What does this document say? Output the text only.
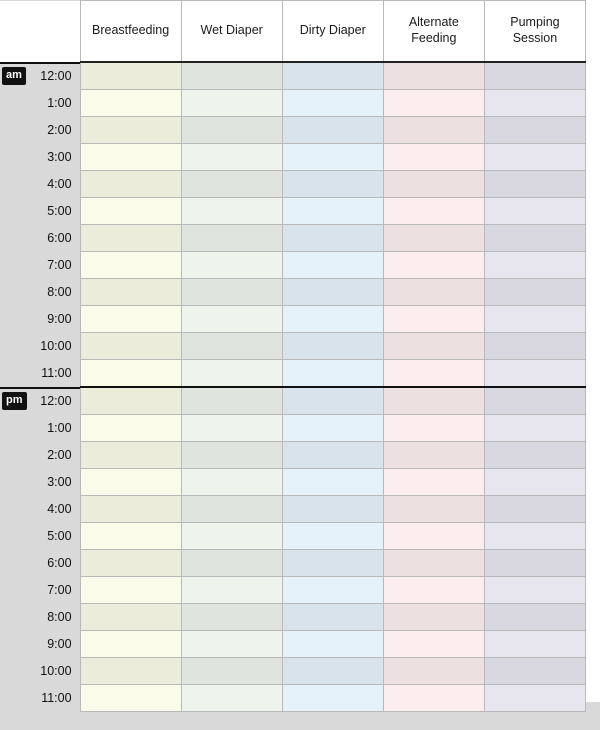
	Breastfeeding	Wet Diaper	Dirty Diaper	Alternate Feeding	Pumping Session

am 12:00					
1:00					
2:00					
3:00					
4:00					
5:00					
6:00					
7:00					
8:00					
9:00					
10:00					
11:00					

pm 12:00					
1:00					
2:00					
3:00					
4:00					
5:00					
6:00					
7:00					
8:00					
9:00					
10:00					
11:00					
